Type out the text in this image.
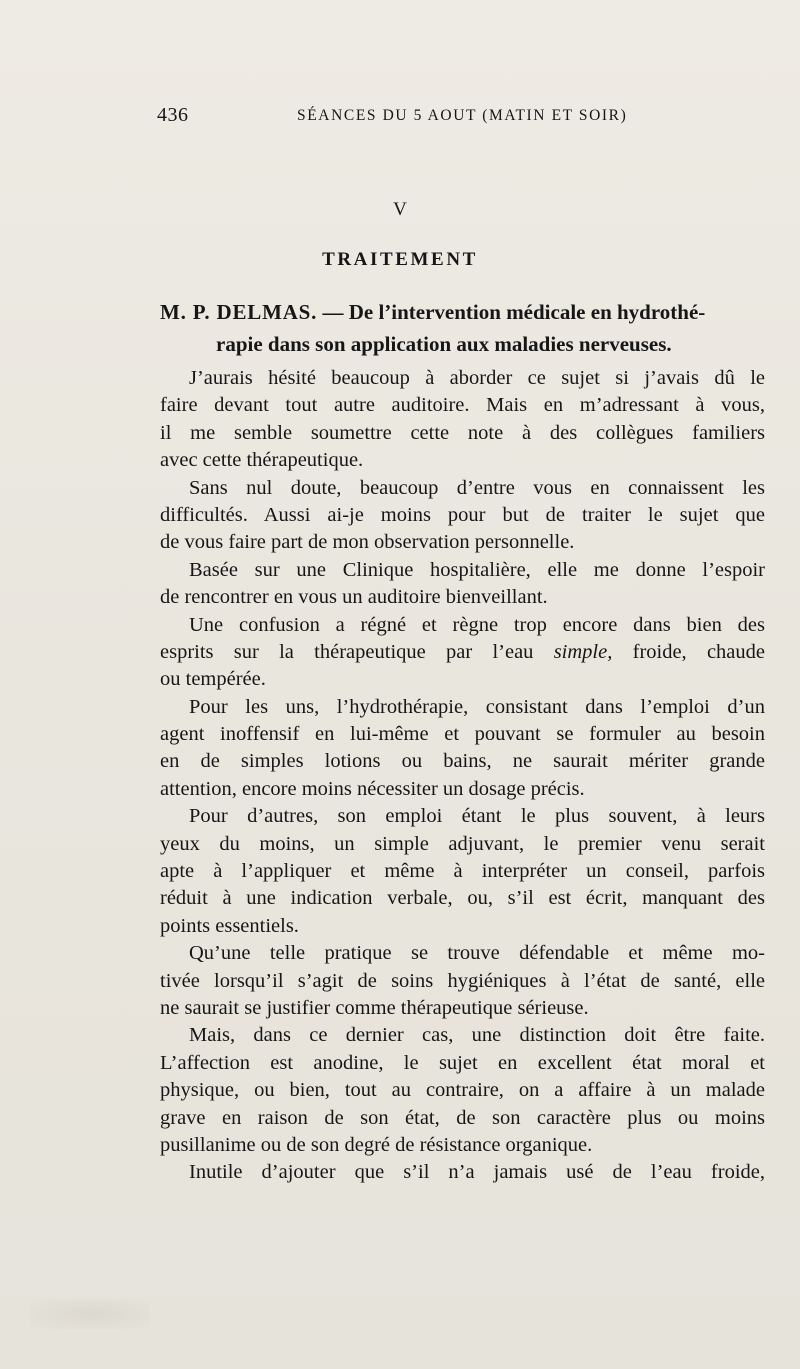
436	SÉANCES DU 5 AOUT (MATIN ET SOIR)
V
TRAITEMENT
M. P. DELMAS. — De l’intervention médicale en hydrothé-
rapie dans son application aux maladies nerveuses.
J’aurais hésité beaucoup à aborder ce sujet si j’avais dû le
faire devant tout autre auditoire. Mais en m’adressant à vous,
il me semble soumettre cette note à des collègues familiers
avec cette thérapeutique.
Sans nul doute, beaucoup d’entre vous en connaissent les
difficultés. Aussi ai-je moins pour but de traiter le sujet que
de vous faire part de mon observation personnelle.
Basée sur une Clinique hospitalière, elle me donne l’espoir
de rencontrer en vous un auditoire bienveillant.
Une confusion a régné et règne trop encore dans bien des
esprits sur la thérapeutique par l’eau simple, froide, chaude
ou tempérée.
Pour les uns, l’hydrothérapie, consistant dans l’emploi d’un
agent inoffensif en lui-même et pouvant se formuler au besoin
en de simples lotions ou bains, ne saurait mériter grande
attention, encore moins nécessiter un dosage précis.
Pour d’autres, son emploi étant le plus souvent, à leurs
yeux du moins, un simple adjuvant, le premier venu serait
apte à l’appliquer et même à interpréter un conseil, parfois
réduit à une indication verbale, ou, s’il est écrit, manquant des
points essentiels.
Qu’une telle pratique se trouve défendable et même mo-
tivée lorsqu’il s’agit de soins hygiéniques à l’état de santé, elle
ne saurait se justifier comme thérapeutique sérieuse.
Mais, dans ce dernier cas, une distinction doit être faite.
L’affection est anodine, le sujet en excellent état moral et
physique, ou bien, tout au contraire, on a affaire à un malade
grave en raison de son état, de son caractère plus ou moins
pusillanime ou de son degré de résistance organique.
Inutile d’ajouter que s’il n’a jamais usé de l’eau froide,
